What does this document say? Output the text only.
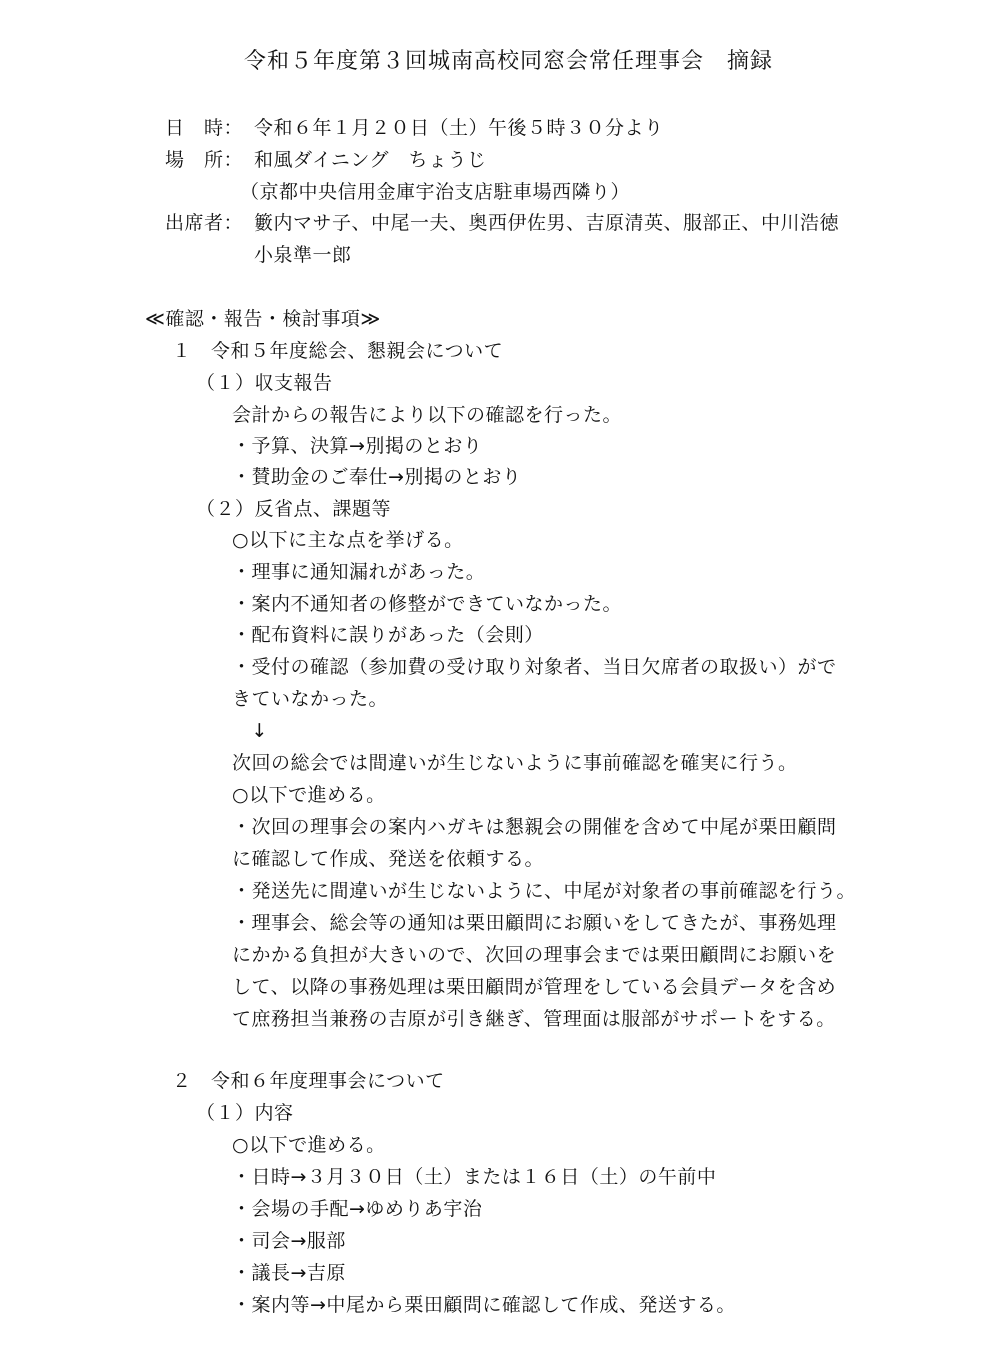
令和５年度第３回城南高校同窓会常任理事会　摘録
日　時： 令和６年１月２０日（土）午後５時３０分より
場　所： 和風ダイニング　ちょうじ
（京都中央信用金庫宇治支店駐車場西隣り）
出席者： 籔内マサ子、中尾一夫、奥西伊佐男、吉原清英、服部正、中川浩徳
小泉準一郎
≪確認・報告・検討事項≫
１　令和５年度総会、懇親会について
（１）収支報告
会計からの報告により以下の確認を行った。
・予算、決算→別掲のとおり
・賛助金のご奉仕→別掲のとおり
（２）反省点、課題等
○以下に主な点を挙げる。
・理事に通知漏れがあった。
・案内不通知者の修整ができていなかった。
・配布資料に誤りがあった（会則）
・受付の確認（参加費の受け取り対象者、当日欠席者の取扱い）がで
きていなかった。
　↓
次回の総会では間違いが生じないように事前確認を確実に行う。
○以下で進める。
・次回の理事会の案内ハガキは懇親会の開催を含めて中尾が栗田顧問
に確認して作成、発送を依頼する。
・発送先に間違いが生じないように、中尾が対象者の事前確認を行う。
・理事会、総会等の通知は栗田顧問にお願いをしてきたが、事務処理
にかかる負担が大きいので、次回の理事会までは栗田顧問にお願いを
して、以降の事務処理は栗田顧問が管理をしている会員データを含め
て庶務担当兼務の吉原が引き継ぎ、管理面は服部がサポートをする。
２　令和６年度理事会について
（１）内容
○以下で進める。
・日時→３月３０日（土）または１６日（土）の午前中
・会場の手配→ゆめりあ宇治
・司会→服部
・議長→吉原
・案内等→中尾から栗田顧問に確認して作成、発送する。
